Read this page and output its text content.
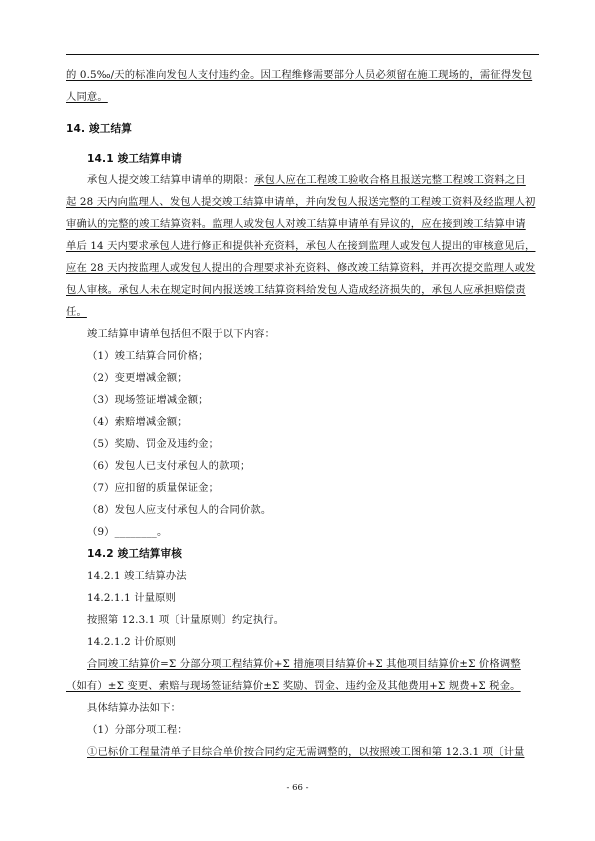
的 0.5‰/天的标准向发包人支付违约金。因工程维修需要部分人员必须留在施工现场的，需征得发包
人同意。
14. 竣工结算
14.1 竣工结算申请
承包人提交竣工结算申请单的期限：承包人应在工程竣工验收合格且报送完整工程竣工资料之日
起 28 天内向监理人、发包人提交竣工结算申请单，并向发包人报送完整的工程竣工资料及经监理人初
审确认的完整的竣工结算资料。监理人或发包人对竣工结算申请单有异议的，应在接到竣工结算申请
单后 14 天内要求承包人进行修正和提供补充资料，承包人在接到监理人或发包人提出的审核意见后，
应在 28 天内按监理人或发包人提出的合理要求补充资料、修改竣工结算资料，并再次提交监理人或发
包人审核。承包人未在规定时间内报送竣工结算资料给发包人造成经济损失的，承包人应承担赔偿责
任。
竣工结算申请单包括但不限于以下内容：
（1）竣工结算合同价格；
（2）变更增减金额；
（3）现场签证增减金额；
（4）索赔增减金额；
（5）奖励、罚金及违约金；
（6）发包人已支付承包人的款项；
（7）应扣留的质量保证金；
（8）发包人应支付承包人的合同价款。
（9）________。
14.2 竣工结算审核
14.2.1 竣工结算办法
14.2.1.1 计量原则
按照第 12.3.1 项〔计量原则〕约定执行。
14.2.1.2 计价原则
合同竣工结算价=Σ 分部分项工程结算价+Σ 措施项目结算价+Σ 其他项目结算价±Σ 价格调整
（如有）±Σ 变更、索赔与现场签证结算价±Σ 奖励、罚金、违约金及其他费用+Σ 规费+Σ 税金。
具体结算办法如下：
（1）分部分项工程：
①已标价工程量清单子目综合单价按合同约定无需调整的，以按照竣工图和第 12.3.1 项〔计量
- 66 -
